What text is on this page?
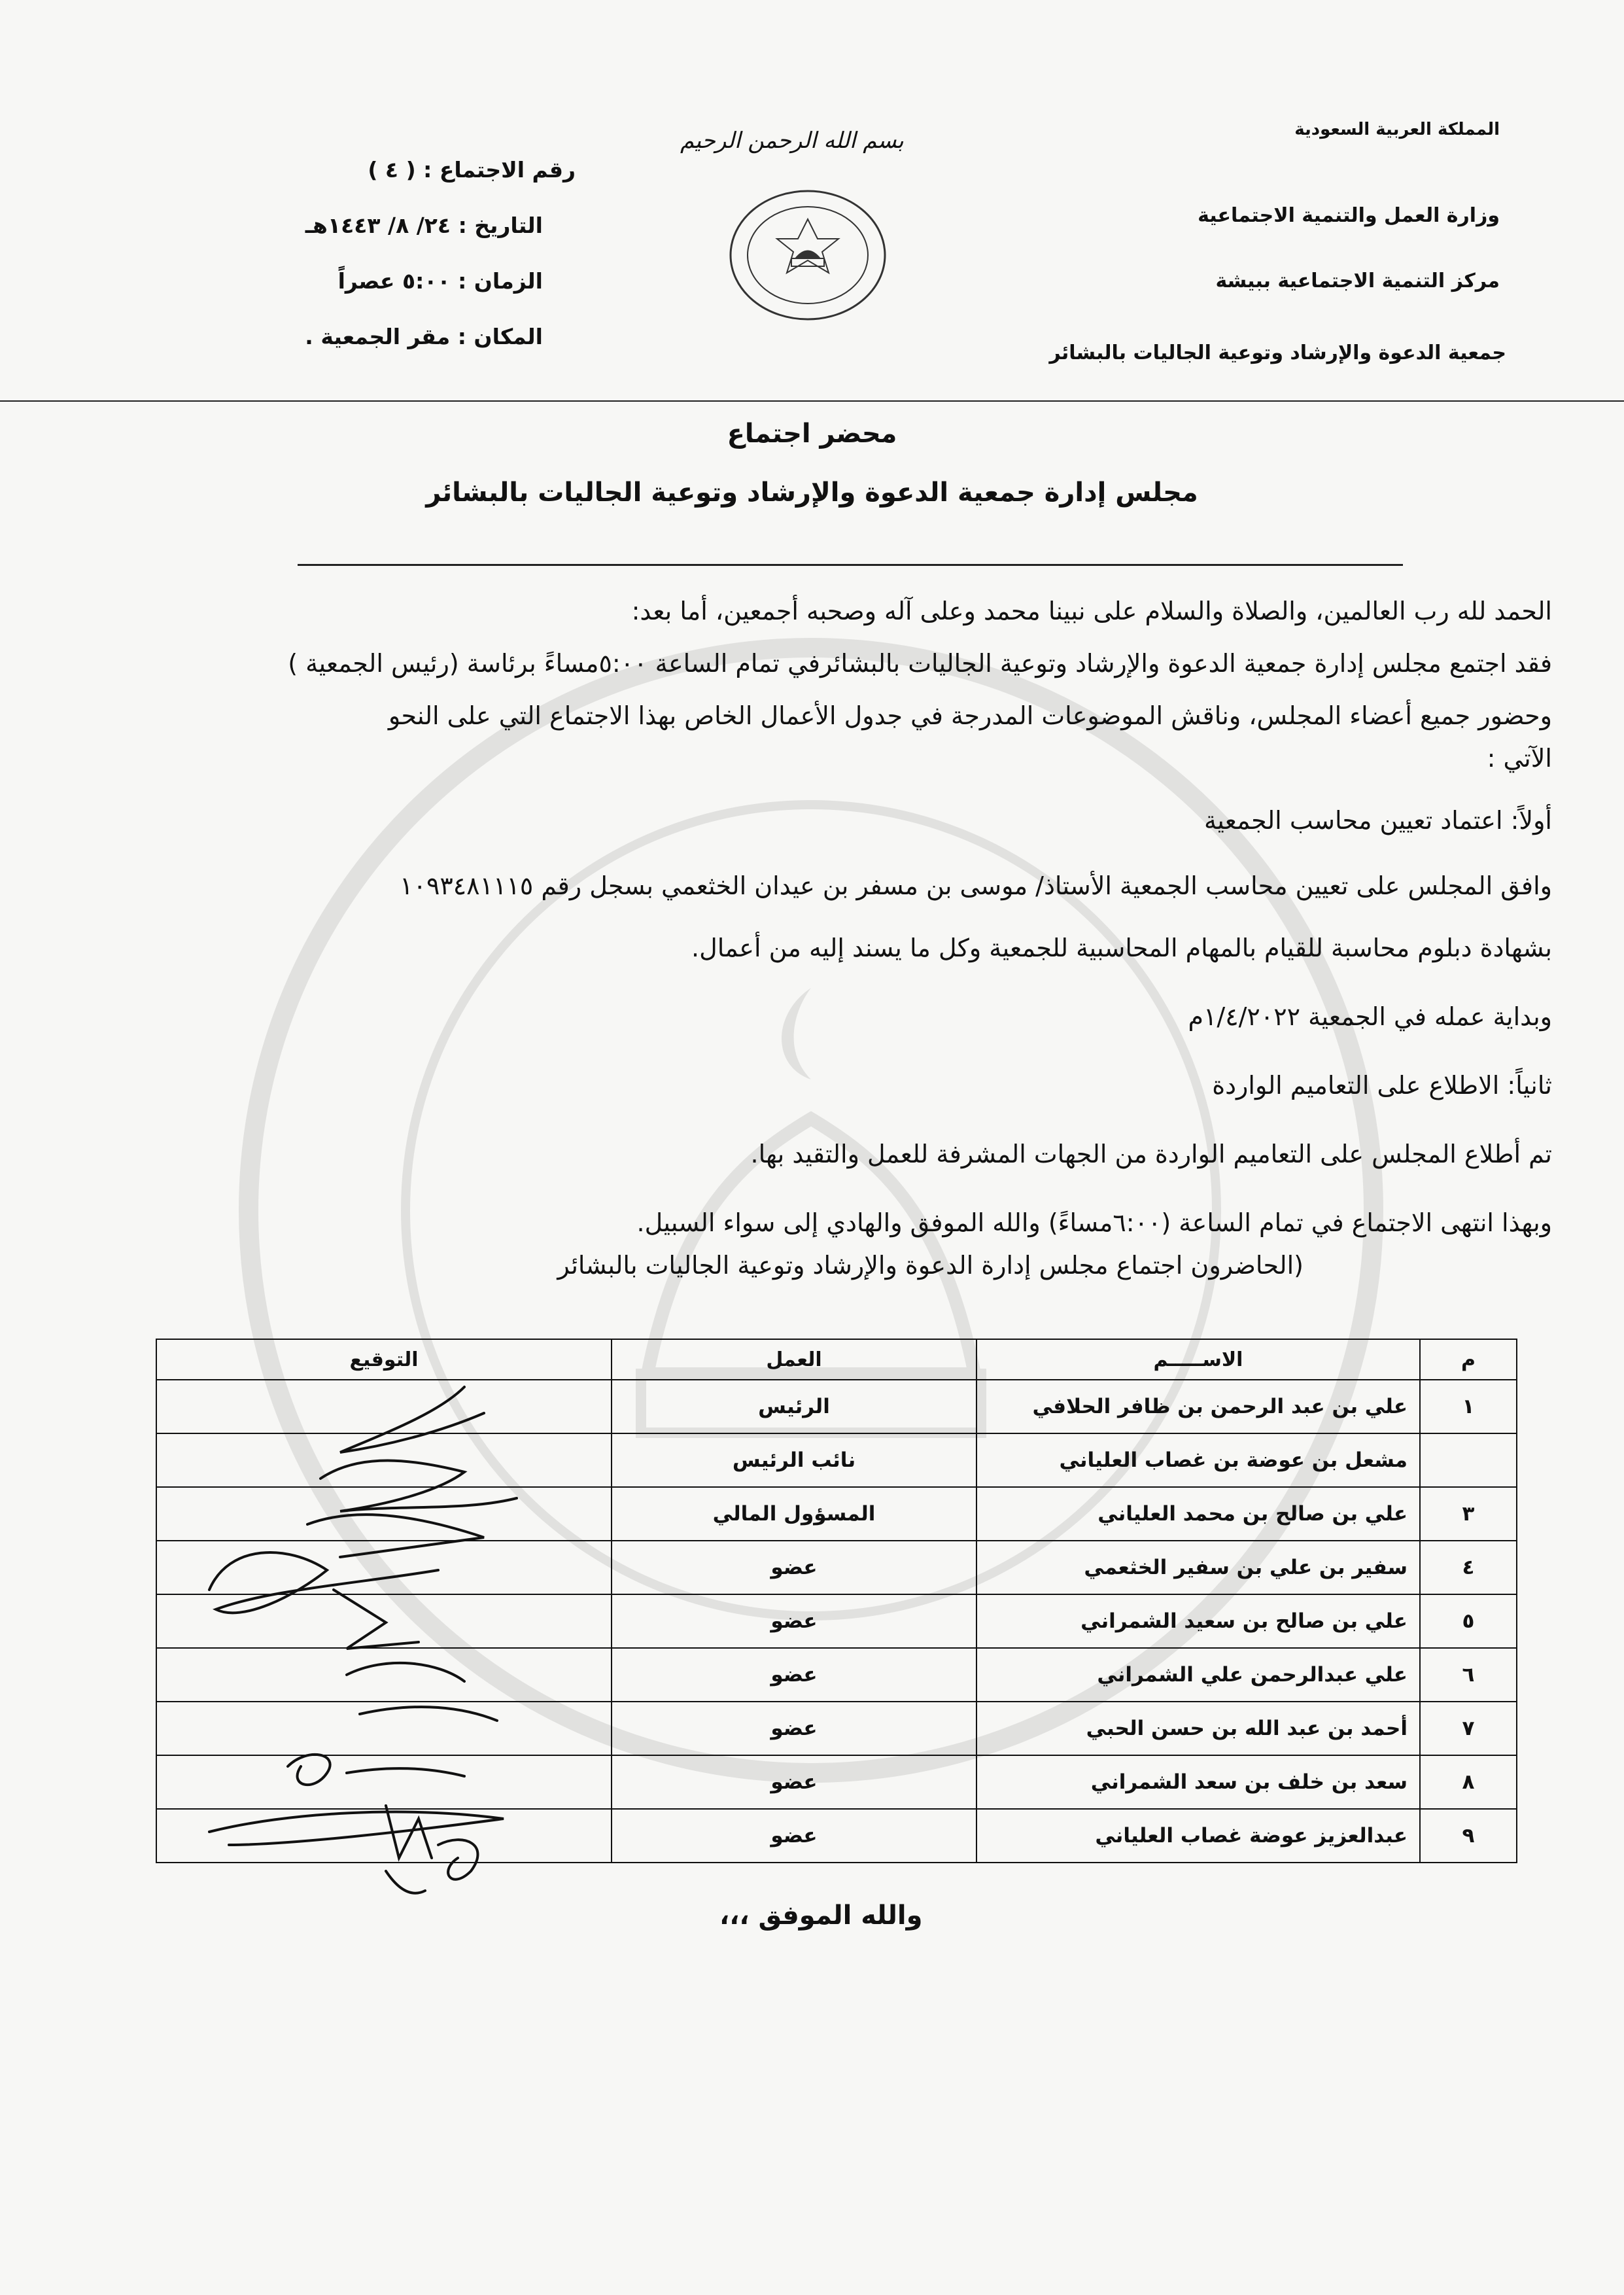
المملكة العربية السعودية
وزارة العمل والتنمية الاجتماعية
مركز التنمية الاجتماعية ببيشة
جمعية الدعوة والإرشاد وتوعية الجاليات بالبشائر
بسم الله الرحمن الرحيم
رقم الاجتماع : ( ٤ )
التاريخ : ٢٤/ ٨/ ١٤٤٣هـ
الزمان : ٥:٠٠ عصراً
المكان : مقر الجمعية .
محضر اجتماع
مجلس إدارة جمعية الدعوة والإرشاد وتوعية الجاليات بالبشائر
الحمد لله رب العالمين، والصلاة والسلام على نبينا محمد وعلى آله وصحبه أجمعين، أما بعد:
فقد اجتمع مجلس إدارة جمعية الدعوة والإرشاد وتوعية الجاليات بالبشائرفي تمام الساعة ٥:٠٠مساءً برئاسة (رئيس الجمعية )
وحضور جميع أعضاء المجلس، وناقش الموضوعات المدرجة في جدول الأعمال الخاص بهذا الاجتماع التي على النحو
الآتي :
أولاً: اعتماد تعيين محاسب الجمعية
وافق المجلس على تعيين محاسب الجمعية الأستاذ/ موسى بن مسفر بن عيدان الخثعمي بسجل رقم ١٠٩٣٤٨١١١٥
بشهادة دبلوم محاسبة للقيام بالمهام المحاسبية للجمعية وكل ما يسند إليه من أعمال.
وبداية عمله في الجمعية ١/٤/٢٠٢٢م
ثانياً: الاطلاع على التعاميم الواردة
تم أطلاع المجلس على التعاميم الواردة من الجهات المشرفة للعمل والتقيد بها.
وبهذا انتهى الاجتماع في تمام الساعة (٦:٠٠مساءً) والله الموفق والهادي إلى سواء السبيل.
(الحاضرون اجتماع مجلس إدارة الدعوة والإرشاد وتوعية الجاليات بالبشائر
م	الاســـــم	العمل	التوقيع
١	علي بن عبد الرحمن بن ظافر الحلافي	الرئيس	
	مشعل بن عوضة بن غصاب العلياني	نائب الرئيس	
٣	علي بن صالح بن محمد العلياني	المسؤول المالي	
٤	سفير بن علي بن سفير الخثعمي	عضو	
٥	علي بن صالح بن سعيد الشمراني	عضو	
٦	علي عبدالرحمن علي الشمراني	عضو	
٧	أحمد بن عبد الله بن حسن الحبي	عضو	
٨	سعد بن خلف بن سعد الشمراني	عضو	
٩	عبدالعزيز عوضة غصاب العلياني	عضو	
والله الموفق ،،،
